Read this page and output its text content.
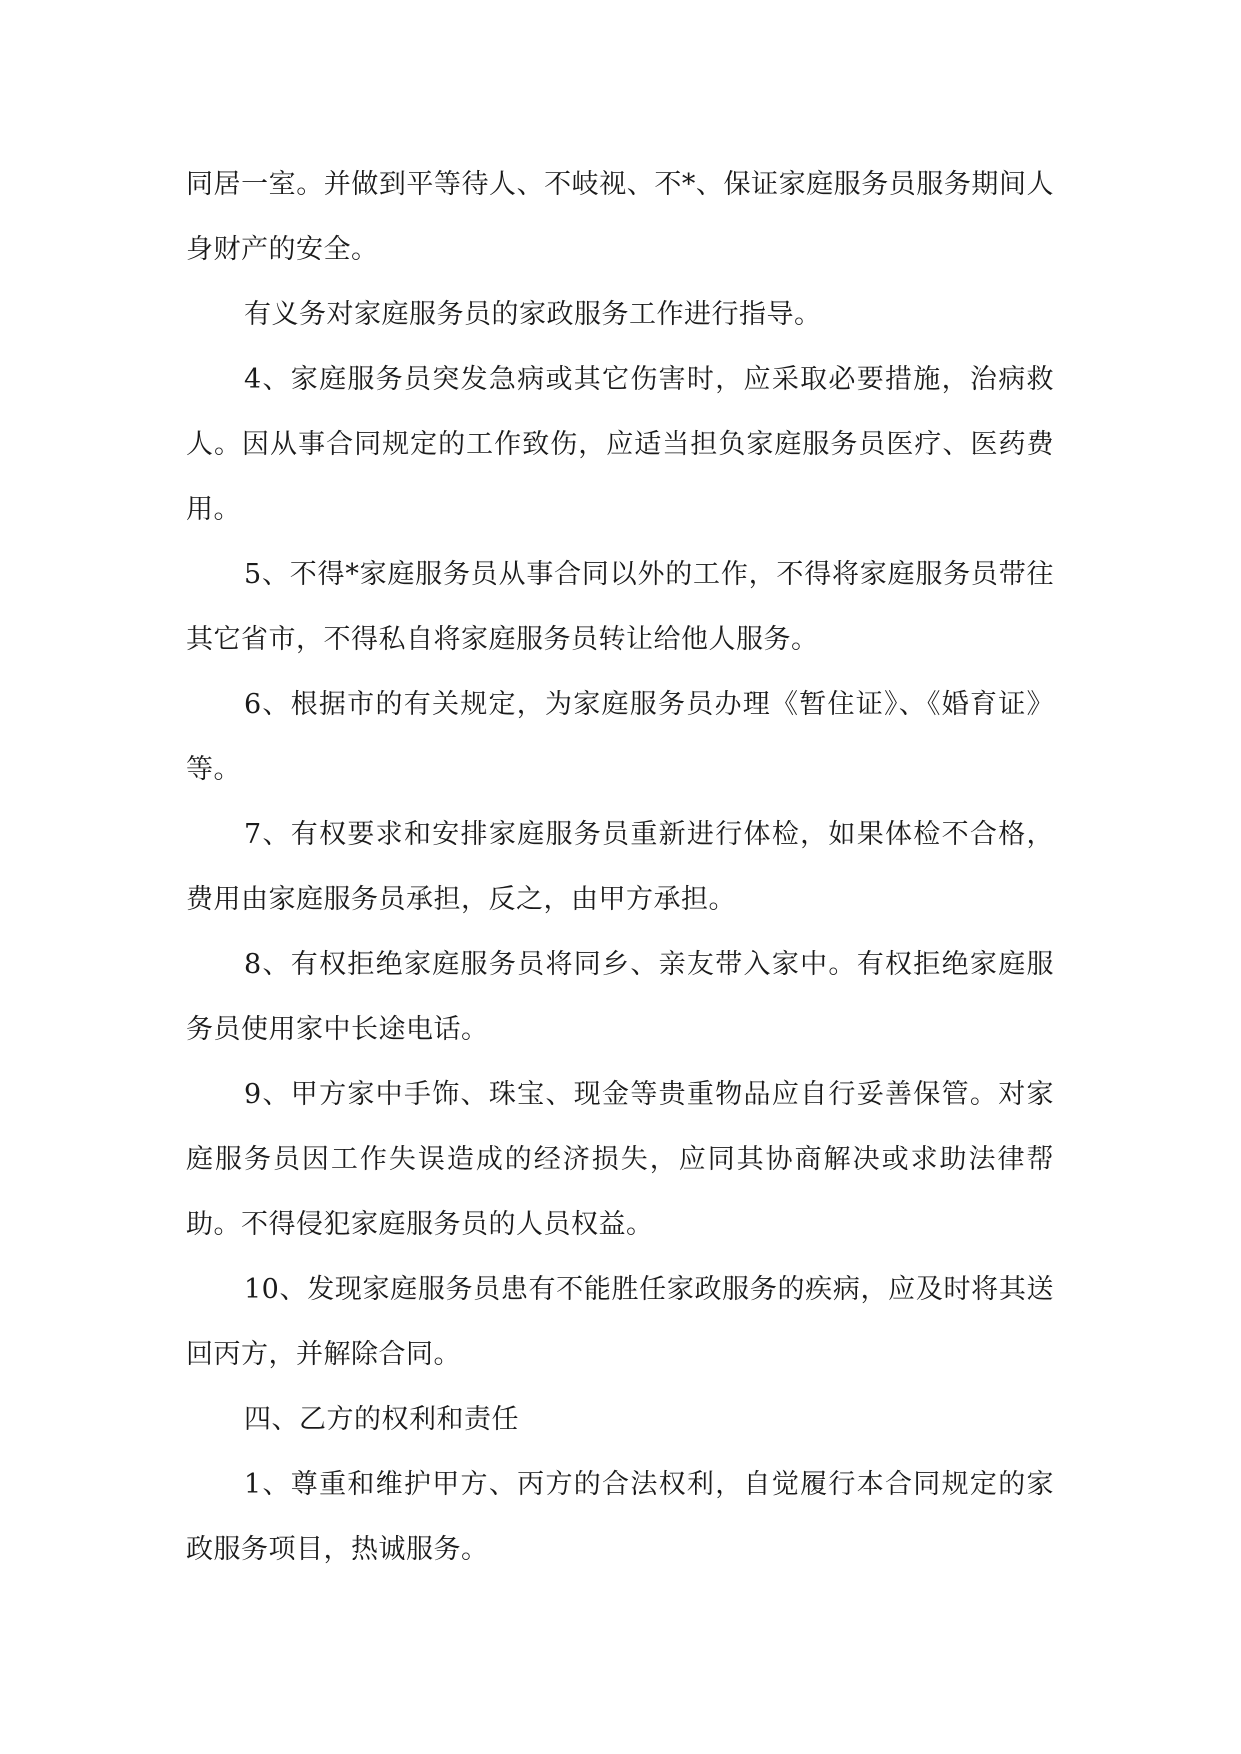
同居一室。并做到平等待人、不岐视、不*、保证家庭服务员服务期间人身财产的安全。

有义务对家庭服务员的家政服务工作进行指导。

4、家庭服务员突发急病或其它伤害时，应采取必要措施，治病救人。因从事合同规定的工作致伤，应适当担负家庭服务员医疗、医药费用。

5、不得*家庭服务员从事合同以外的工作，不得将家庭服务员带往其它省市，不得私自将家庭服务员转让给他人服务。

6、根据市的有关规定，为家庭服务员办理《暂住证》、《婚育证》等。

7、有权要求和安排家庭服务员重新进行体检，如果体检不合格，费用由家庭服务员承担，反之，由甲方承担。

8、有权拒绝家庭服务员将同乡、亲友带入家中。有权拒绝家庭服务员使用家中长途电话。

9、甲方家中手饰、珠宝、现金等贵重物品应自行妥善保管。对家庭服务员因工作失误造成的经济损失，应同其协商解决或求助法律帮助。不得侵犯家庭服务员的人员权益。

10、发现家庭服务员患有不能胜任家政服务的疾病，应及时将其送回丙方，并解除合同。

四、乙方的权利和责任

1、尊重和维护甲方、丙方的合法权利，自觉履行本合同规定的家政服务项目，热诚服务。
